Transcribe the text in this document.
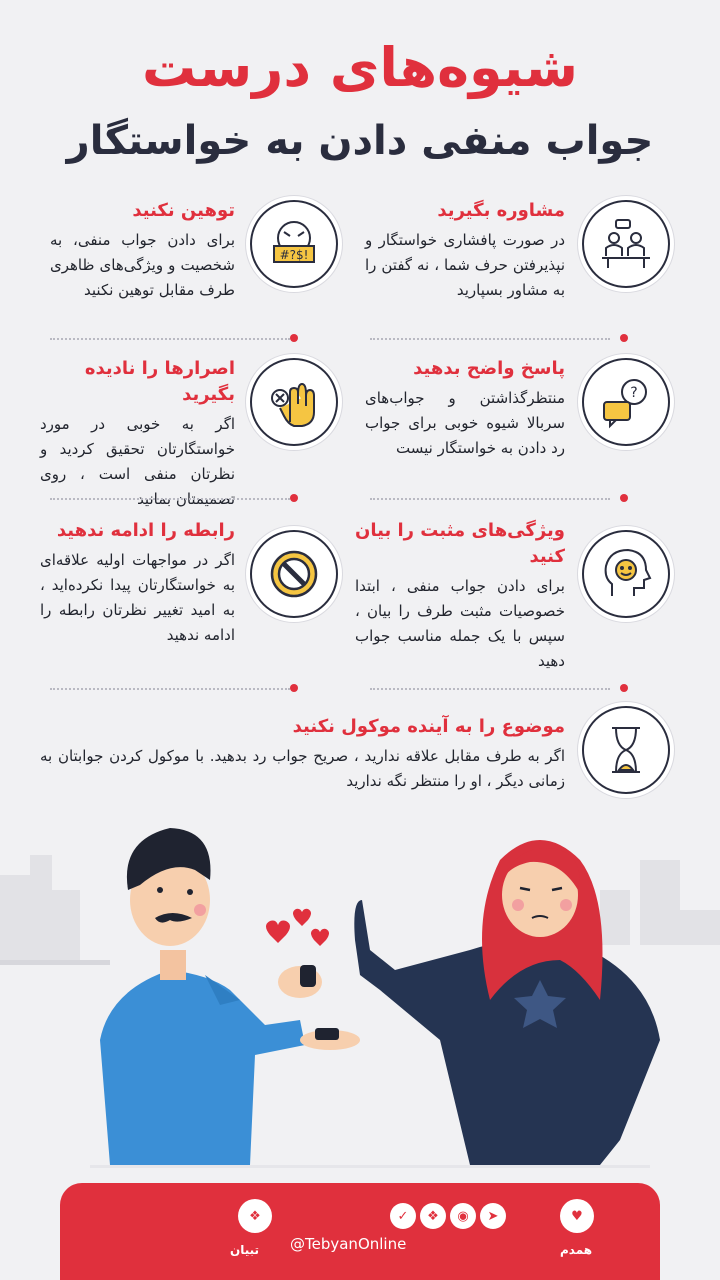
شیوه‌های درست
جواب منفی دادن به خواستگار
مشاوره بگیرید
در صورت پافشاری خواستگار و نپذیرفتن حرف شما ، نه گفتن را به مشاور بسپارید
!$?#
توهین نکنید
برای دادن جواب منفی، به شخصیت و ویژگی‌های ظاهری طرف مقابل توهین نکنید
?
پاسخ واضح بدهید
منتظرگذاشتن و جواب‌های سربالا شیوه خوبی برای جواب رد دادن به خواستگار نیست
اصرارها را نادیده بگیرید
اگر به خوبی در مورد خواستگارتان تحقیق کردید و نظرتان منفی است ، روی تصمیمتان بمانید
ویژگی‌های مثبت را بیان کنید
برای دادن جواب منفی ، ابتدا خصوصیات مثبت طرف را بیان ، سپس با یک جمله مناسب جواب دهید
رابطه را ادامه ندهید
اگر در مواجهات اولیه علاقه‌ای به خواستگارتان پیدا نکرده‌اید ، به امید تغییر نظرتان رابطه را ادامه ندهید
موضوع را به آینده موکول نکنید
اگر به طرف مقابل علاقه ندارید ، صریح جواب رد بدهید. با موکول کردن جوابتان به زمانی دیگر ، او را منتظر نگه ندارید
➤
◉
❖
✓	♥
❖
@TebyanOnline	همدم
تبیان
